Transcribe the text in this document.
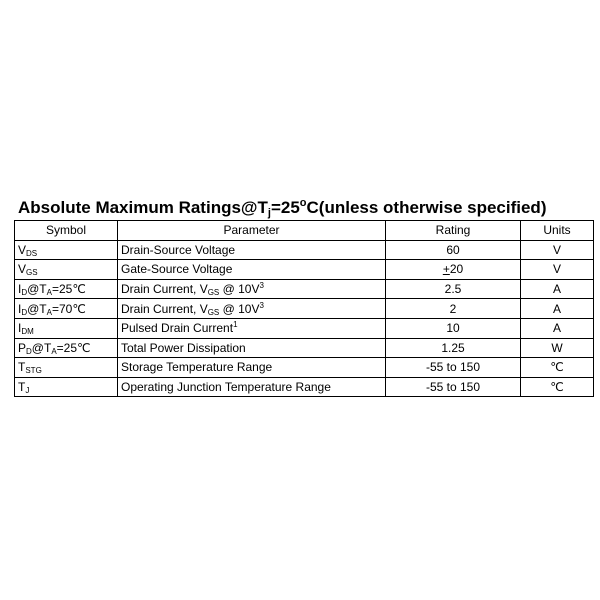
Absolute Maximum $Ratings@T_j=25^oC(unless$ otherwise specified)
Symbol	Parameter	Rating	Units
$V_{DS}$	Drain-Source Voltage	60	V
$V_{GS}$	Gate-Source Voltage	+20	V
$I_D@T_A=25℃$	Drain Current, $V_{GS}$ @ $10V^3$	2.5	A
$I_D@T_A=70℃$	Drain Current, $V_{GS}$ @ $10V^3$	2	A
$I_{DM}$	Pulsed Drain Current$^1$	10	A
$P_D@T_A=25℃$	Total Power Dissipation	1.25	W
$T_{STG}$	Storage Temperature Range	-55 to 150	℃
$T_J$	Operating Junction Temperature Range	-55 to 150	℃
